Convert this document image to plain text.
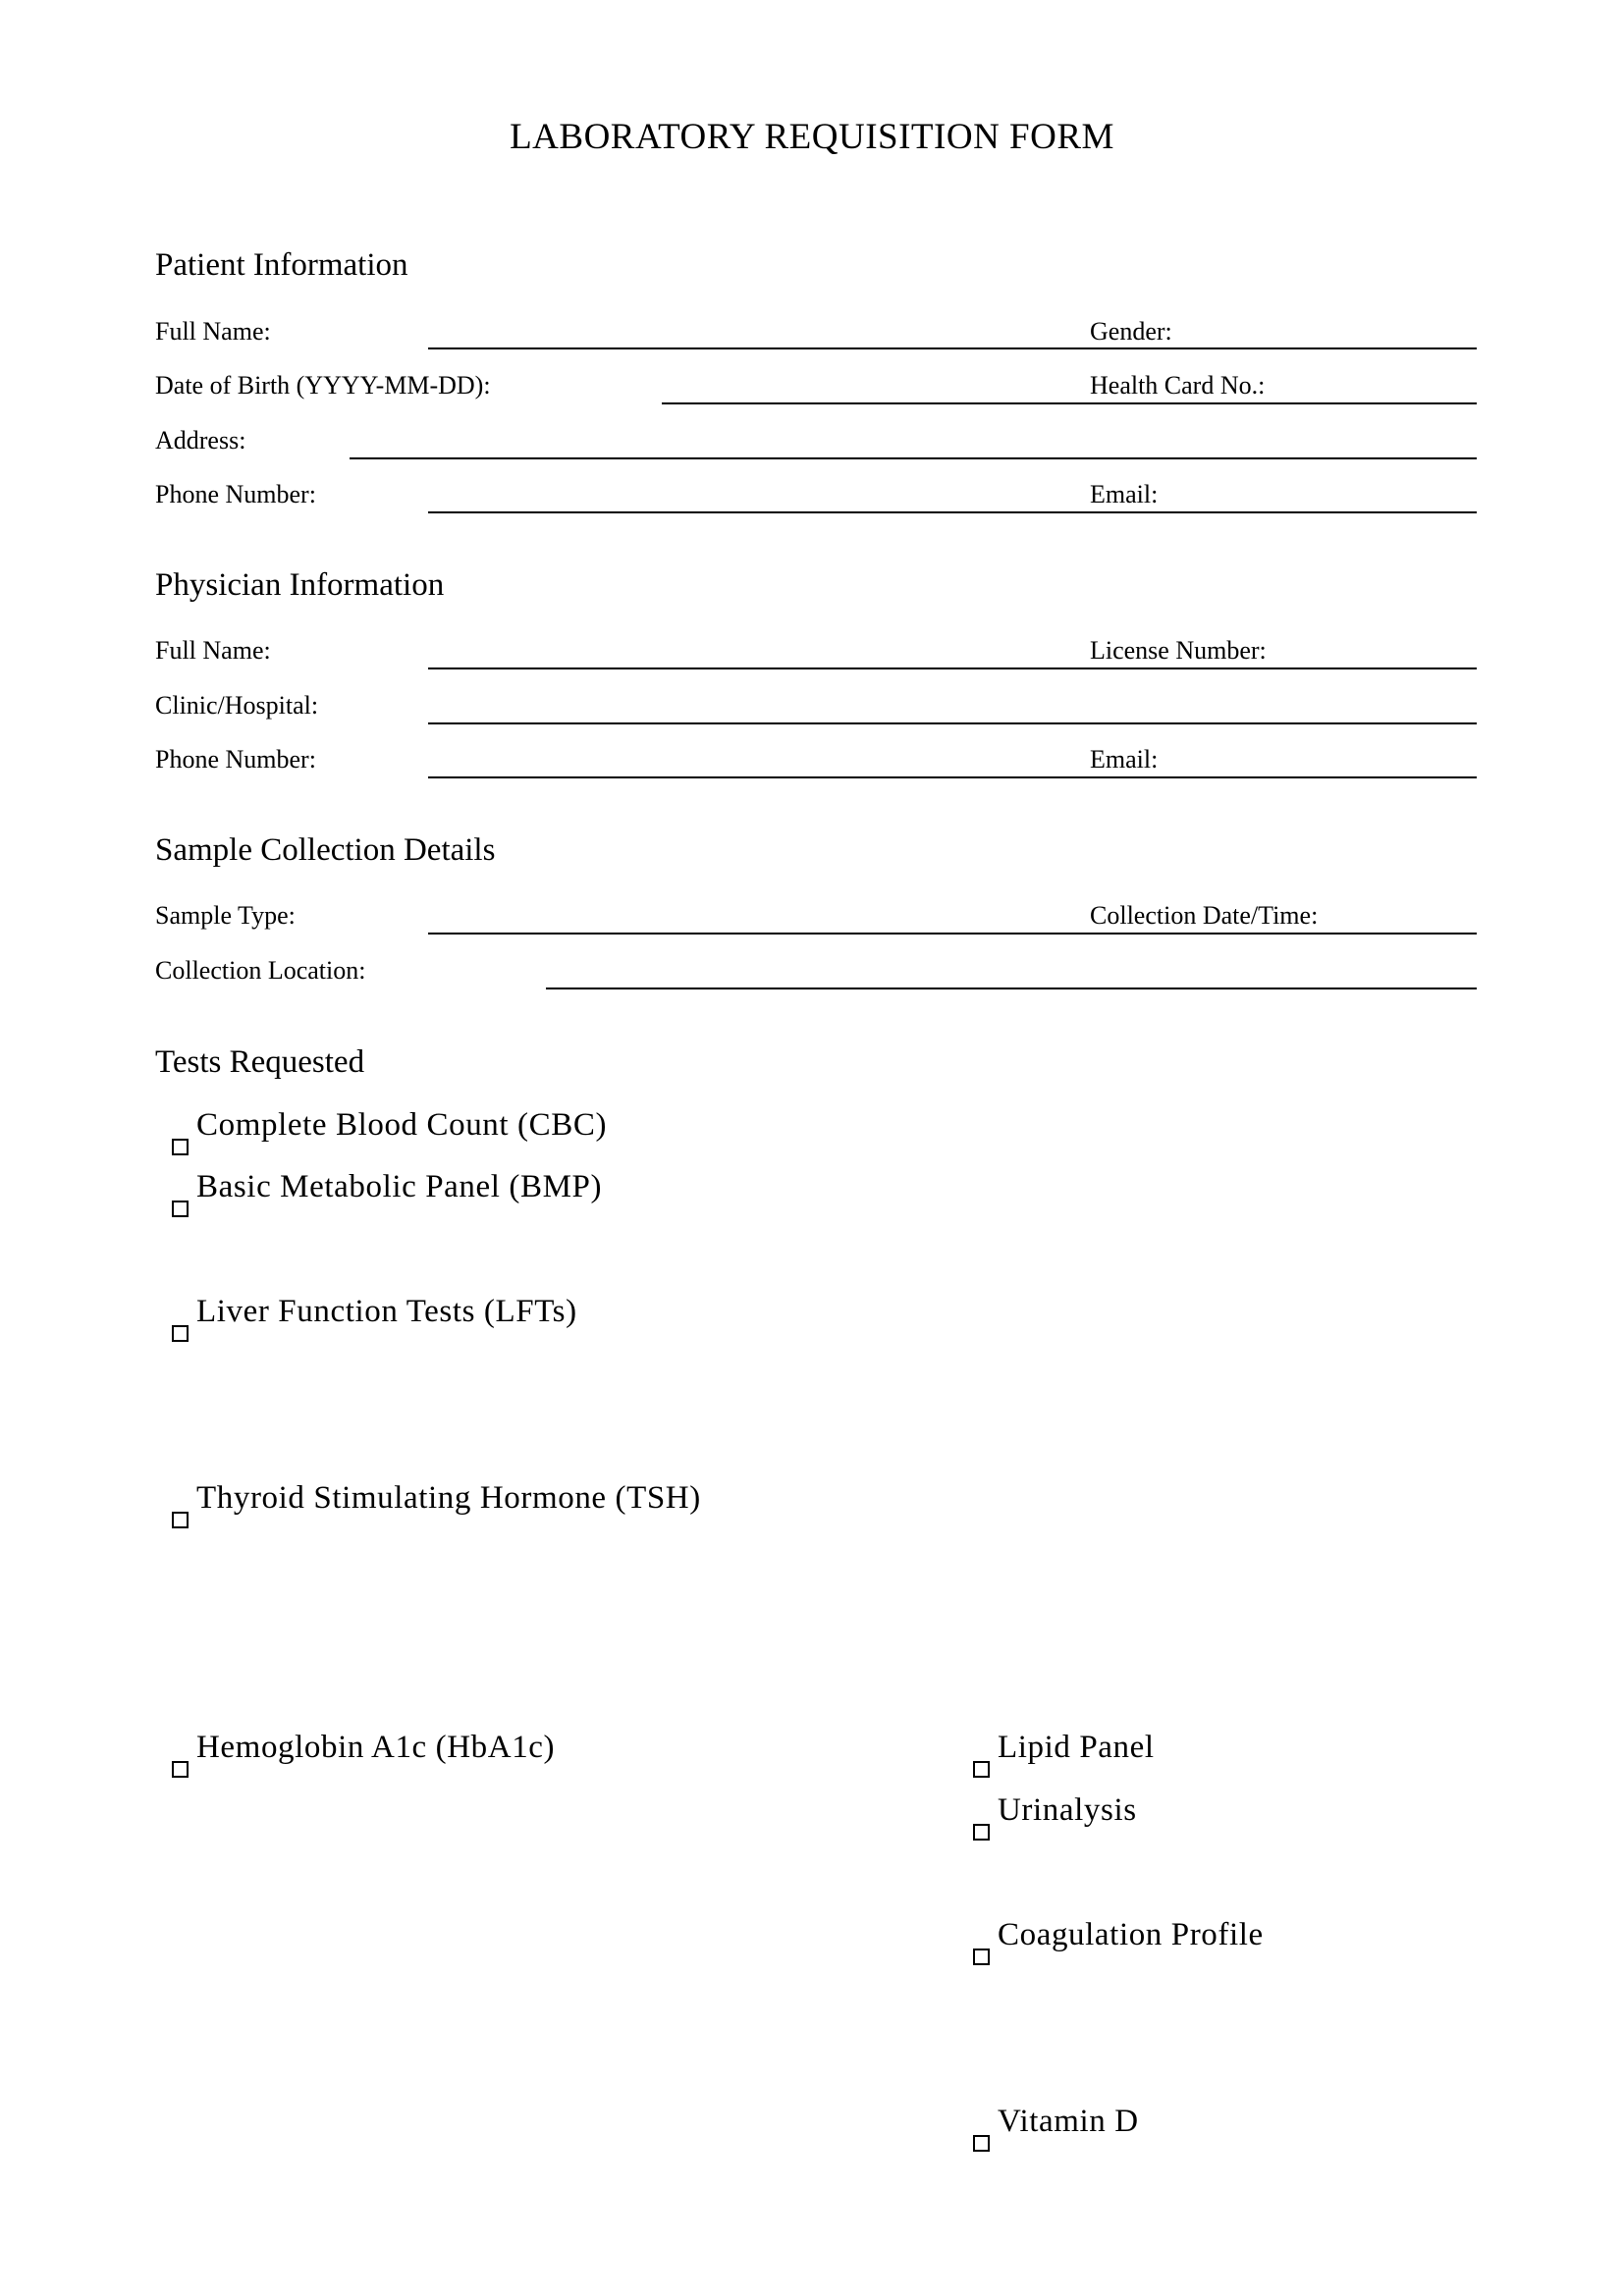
LABORATORY REQUISITION FORM
Patient Information
Full Name:	Gender:
Date of Birth (YYYY-MM-DD):	Health Card No.:
Address:
Phone Number:	Email:
Physician Information
Full Name:	License Number:
Clinic/Hospital:
Phone Number:	Email:
Sample Collection Details
Sample Type:	Collection Date/Time:
Collection Location:
Tests Requested
Complete Blood Count (CBC)
Basic Metabolic Panel (BMP)
Liver Function Tests (LFTs)
Thyroid Stimulating Hormone (TSH)
Hemoglobin A1c (HbA1c)	Lipid Panel
Urinalysis
Coagulation Profile
Vitamin D
